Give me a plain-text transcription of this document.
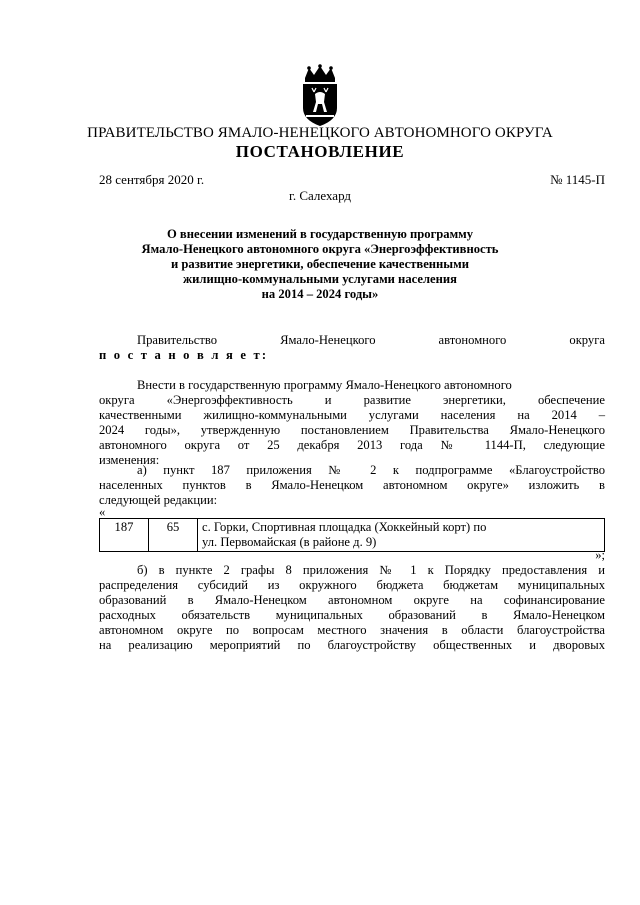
ПРАВИТЕЛЬСТВО ЯМАЛО-НЕНЕЦКОГО АВТОНОМНОГО ОКРУГА
ПОСТАНОВЛЕНИЕ
28 сентября 2020 г.	№ 1145-П
г. Салехард
О внесении изменений в государственную программу
Ямало-Ненецкого автономного округа «Энергоэффективность
и развитие энергетики, обеспечение качественными
жилищно-коммунальными услугами населения
на 2014 – 2024 годы»
Правительство	Ямало-Ненецкого	автономного	округа
п о с т а н о в л я е т:
Внести в государственную программу Ямало-Ненецкого автономного
округа «Энергоэффективность и развитие энергетики, обеспечение
качественными жилищно-коммунальными услугами населения на 2014 –
2024 годы», утвержденную постановлением Правительства Ямало-Ненецкого
автономного округа от 25 декабря 2013 года № 1144-П, следующие
изменения:
а) пункт 187 приложения № 2 к подпрограмме «Благоустройство
населенных пунктов в Ямало-Ненецком автономном округе» изложить в
следующей редакции:
«
187	65	с. Горки, Спортивная площадка (Хоккейный корт) по
ул. Первомайская (в районе д. 9)
»;
б) в пункте 2 графы 8 приложения № 1 к Порядку предоставления и
распределения субсидий из окружного бюджета бюджетам муниципальных
образований в Ямало-Ненецком автономном округе на софинансирование
расходных обязательств муниципальных образований в Ямало-Ненецком
автономном округе по вопросам местного значения в области благоустройства
на реализацию мероприятий по благоустройству общественных и дворовых
